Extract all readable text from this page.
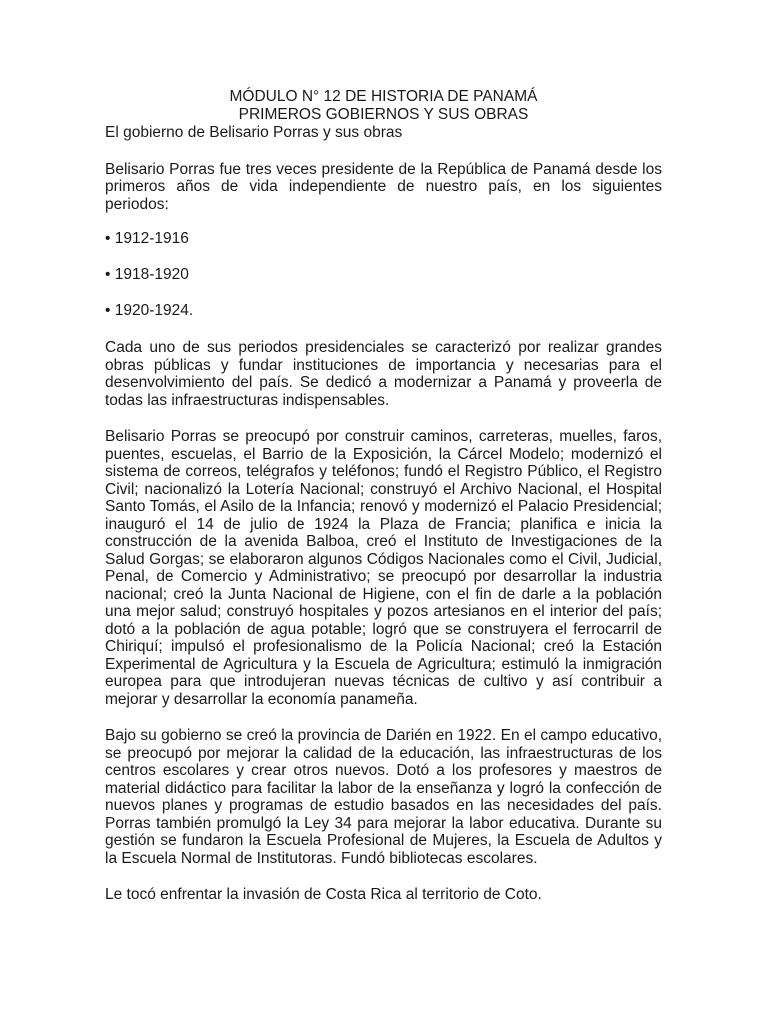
MÓDULO N° 12 DE HISTORIA DE PANAMÁ
PRIMEROS GOBIERNOS Y SUS OBRAS

El gobierno de Belisario Porras y sus obras

Belisario Porras fue tres veces presidente de la República de Panamá desde los primeros años de vida independiente de nuestro país, en los siguientes periodos:

• 1912-1916
• 1918-1920
• 1920-1924.

Cada uno de sus periodos presidenciales se caracterizó por realizar grandes obras públicas y fundar instituciones de importancia y necesarias para el desenvolvimiento del país. Se dedicó a modernizar a Panamá y proveerla de todas las infraestructuras indispensables.

Belisario Porras se preocupó por construir caminos, carreteras, muelles, faros, puentes, escuelas, el Barrio de la Exposición, la Cárcel Modelo; modernizó el sistema de correos, telégrafos y teléfonos; fundó el Registro Público, el Registro Civil; nacionalizó la Lotería Nacional; construyó el Archivo Nacional, el Hospital Santo Tomás, el Asilo de la Infancia; renovó y modernizó el Palacio Presidencial; inauguró el 14 de julio de 1924 la Plaza de Francia; planifica e inicia la construcción de la avenida Balboa, creó el Instituto de Investigaciones de la Salud Gorgas; se elaboraron algunos Códigos Nacionales como el Civil, Judicial, Penal, de Comercio y Administrativo; se preocupó por desarrollar la industria nacional; creó la Junta Nacional de Higiene, con el fin de darle a la población una mejor salud; construyó hospitales y pozos artesianos en el interior del país; dotó a la población de agua potable; logró que se construyera el ferrocarril de Chiriquí; impulsó el profesionalismo de la Policía Nacional; creó la Estación Experimental de Agricultura y la Escuela de Agricultura; estimuló la inmigración europea para que introdujeran nuevas técnicas de cultivo y así contribuir a mejorar y desarrollar la economía panameña.

Bajo su gobierno se creó la provincia de Darién en 1922. En el campo educativo, se preocupó por mejorar la calidad de la educación, las infraestructuras de los centros escolares y crear otros nuevos. Dotó a los profesores y maestros de material didáctico para facilitar la labor de la enseñanza y logró la confección de nuevos planes y programas de estudio basados en las necesidades del país. Porras también promulgó la Ley 34 para mejorar la labor educativa. Durante su gestión se fundaron la Escuela Profesional de Mujeres, la Escuela de Adultos y la Escuela Normal de Institutoras. Fundó bibliotecas escolares.

Le tocó enfrentar la invasión de Costa Rica al territorio de Coto.
